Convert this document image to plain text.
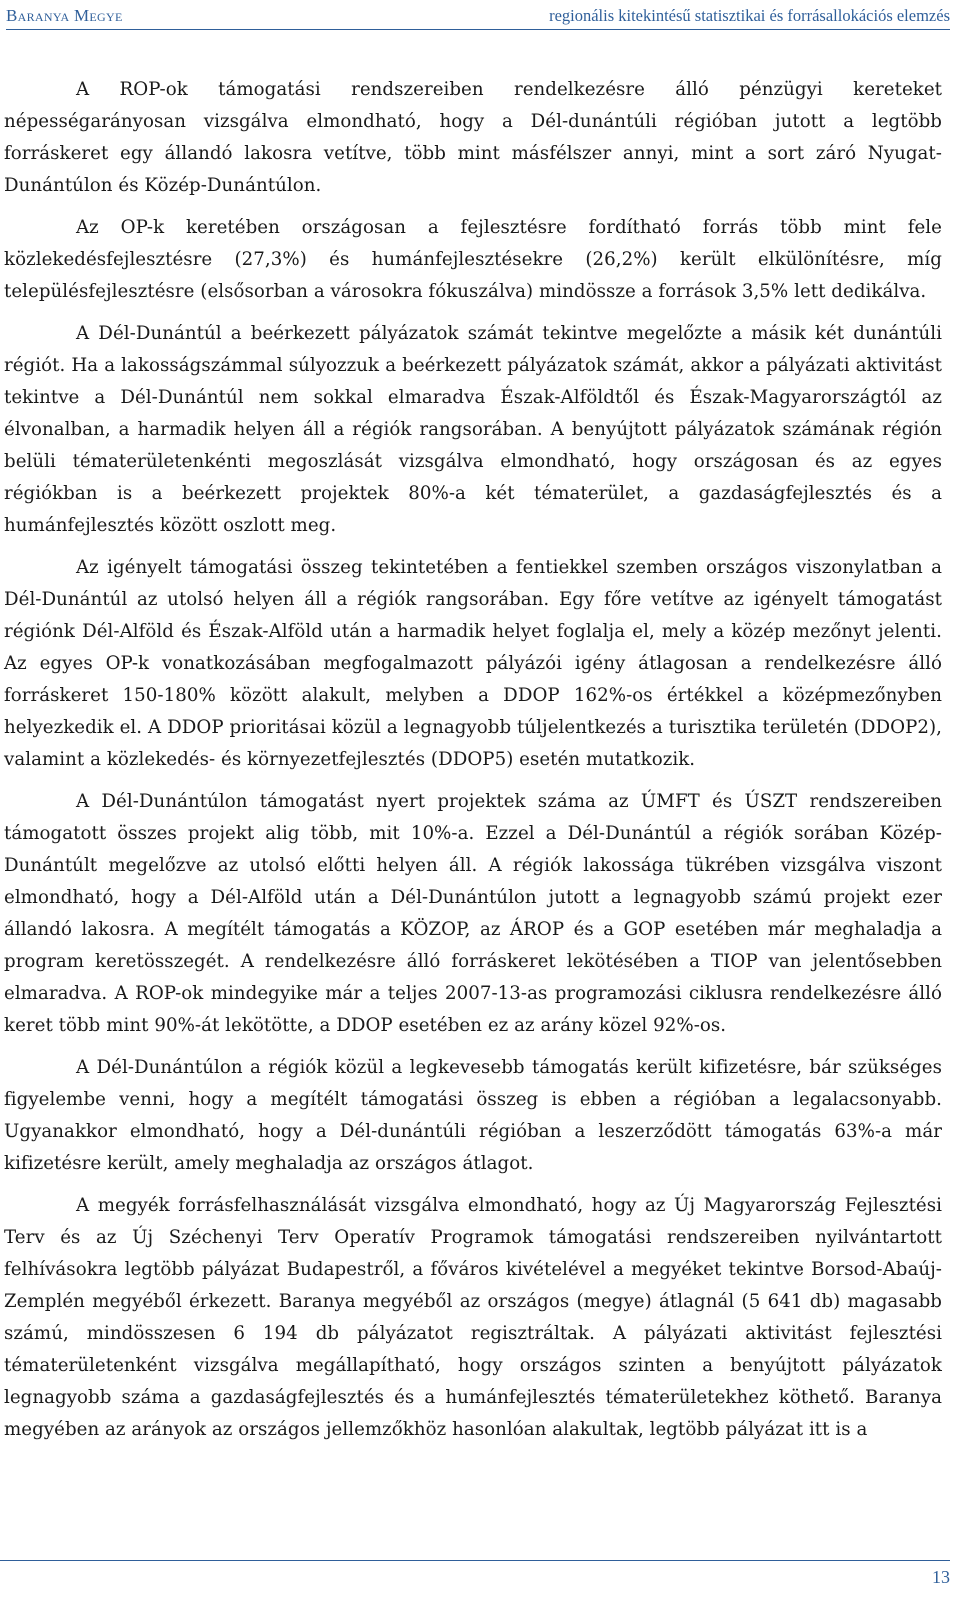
Baranya Megye	regionális kitekintésű statisztikai és forrásallokációs elemzés

A ROP-ok támogatási rendszereiben rendelkezésre álló pénzügyi kereteket népességarányosan vizsgálva elmondható, hogy a Dél-dunántúli régióban jutott a legtöbb forráskeret egy állandó lakosra vetítve, több mint másfélszer annyi, mint a sort záró Nyugat-Dunántúlon és Közép-Dunántúlon.

Az OP-k keretében országosan a fejlesztésre fordítható forrás több mint fele közlekedésfejlesztésre (27,3%) és humánfejlesztésekre (26,2%) került elkülönítésre, míg településfejlesztésre (elsősorban a városokra fókuszálva) mindössze a források 3,5% lett dedikálva.

A Dél-Dunántúl a beérkezett pályázatok számát tekintve megelőzte a másik két dunántúli régiót. Ha a lakosságszámmal súlyozzuk a beérkezett pályázatok számát, akkor a pályázati aktivitást tekintve a Dél-Dunántúl nem sokkal elmaradva Észak-Alföldtől és Észak-Magyarországtól az élvonalban, a harmadik helyen áll a régiók rangsorában. A benyújtott pályázatok számának régión belüli tématerületenkénti megoszlását vizsgálva elmondható, hogy országosan és az egyes régiókban is a beérkezett projektek 80%-a két tématerület, a gazdaságfejlesztés és a humánfejlesztés között oszlott meg.

Az igényelt támogatási összeg tekintetében a fentiekkel szemben országos viszonylatban a Dél-Dunántúl az utolsó helyen áll a régiók rangsorában. Egy főre vetítve az igényelt támogatást régiónk Dél-Alföld és Észak-Alföld után a harmadik helyet foglalja el, mely a közép mezőnyt jelenti. Az egyes OP-k vonatkozásában megfogalmazott pályázói igény átlagosan a rendelkezésre álló forráskeret 150-180% között alakult, melyben a DDOP 162%-os értékkel a középmezőnyben helyezkedik el. A DDOP prioritásai közül a legnagyobb túljelentkezés a turisztika területén (DDOP2), valamint a közlekedés- és környezetfejlesztés (DDOP5) esetén mutatkozik.

A Dél-Dunántúlon támogatást nyert projektek száma az ÚMFT és ÚSZT rendszereiben támogatott összes projekt alig több, mit 10%-a. Ezzel a Dél-Dunántúl a régiók sorában Közép-Dunántúlt megelőzve az utolsó előtti helyen áll. A régiók lakossága tükrében vizsgálva viszont elmondható, hogy a Dél-Alföld után a Dél-Dunántúlon jutott a legnagyobb számú projekt ezer állandó lakosra. A megítélt támogatás a KÖZOP, az ÁROP és a GOP esetében már meghaladja a program keretösszegét. A rendelkezésre álló forráskeret lekötésében a TIOP van jelentősebben elmaradva. A ROP-ok mindegyike már a teljes 2007-13-as programozási ciklusra rendelkezésre álló keret több mint 90%-át lekötötte, a DDOP esetében ez az arány közel 92%-os.

A Dél-Dunántúlon a régiók közül a legkevesebb támogatás került kifizetésre, bár szükséges figyelembe venni, hogy a megítélt támogatási összeg is ebben a régióban a legalacsonyabb. Ugyanakkor elmondható, hogy a Dél-dunántúli régióban a leszerződött támogatás 63%-a már kifizetésre került, amely meghaladja az országos átlagot.

A megyék forrásfelhasználását vizsgálva elmondható, hogy az Új Magyarország Fejlesztési Terv és az Új Széchenyi Terv Operatív Programok támogatási rendszereiben nyilvántartott felhívásokra legtöbb pályázat Budapestről, a főváros kivételével a megyéket tekintve Borsod-Abaúj-Zemplén megyéből érkezett. Baranya megyéből az országos (megye) átlagnál (5 641 db) magasabb számú, mindösszesen 6 194 db pályázatot regisztráltak. A pályázati aktivitást fejlesztési tématerületenként vizsgálva megállapítható, hogy országos szinten a benyújtott pályázatok legnagyobb száma a gazdaságfejlesztés és a humánfejlesztés tématerületekhez köthető. Baranya megyében az arányok az országos jellemzőkhöz hasonlóan alakultak, legtöbb pályázat itt is a

13
